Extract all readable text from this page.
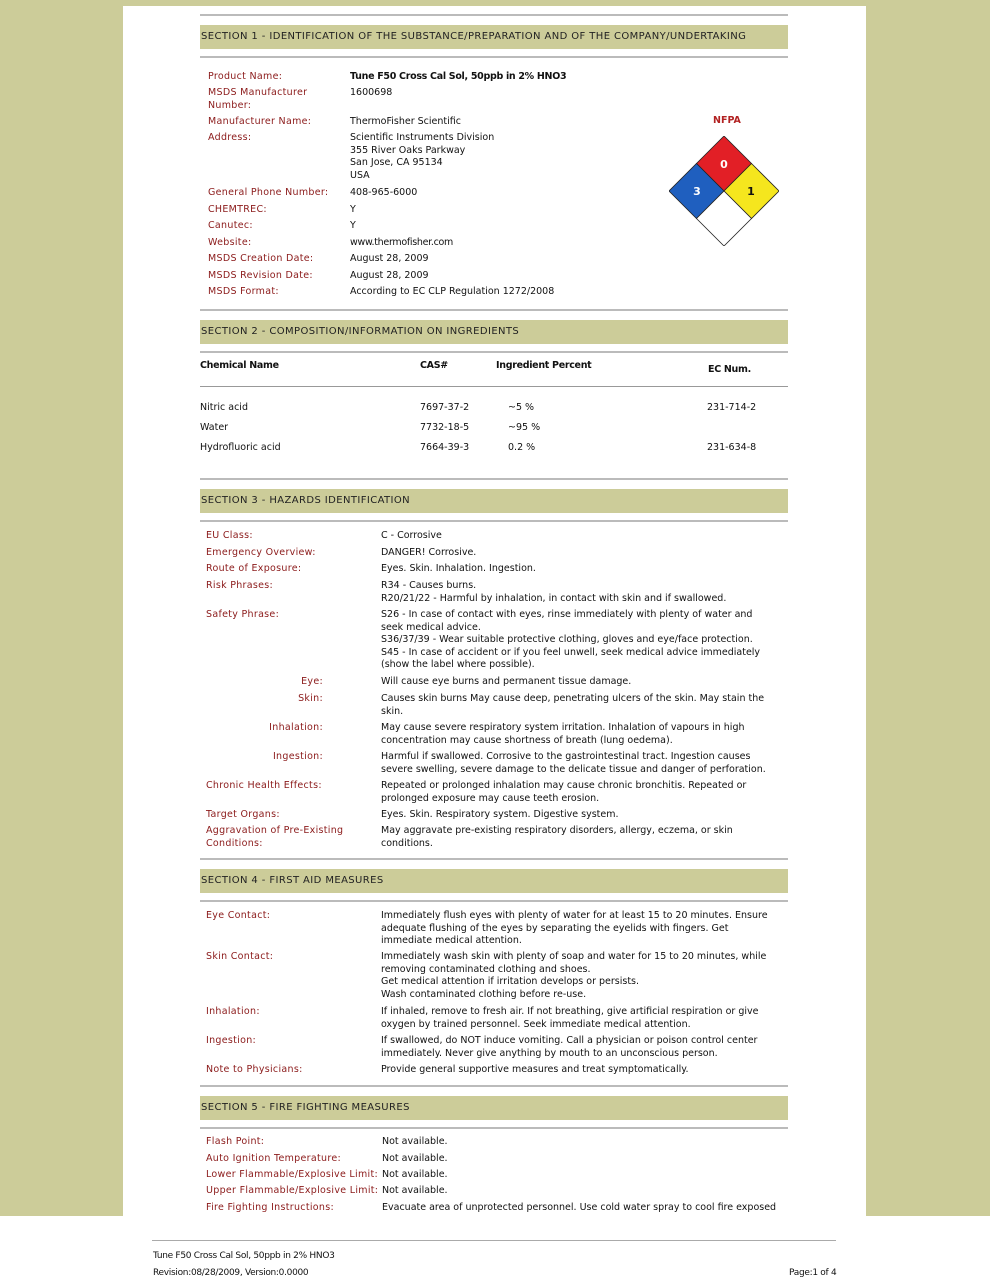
SECTION 1 - IDENTIFICATION OF THE SUBSTANCE/PREPARATION AND OF THE COMPANY/UNDERTAKING
Product Name:	Tune F50 Cross Cal Sol, 50ppb in 2% HNO3
MSDS Manufacturer Number:
1600698
Manufacturer Name:	ThermoFisher Scientific
Address:	Scientific Instruments Division
355 River Oaks Parkway
San Jose, CA 95134
USA
General Phone Number: 408-965-6000
CHEMTREC:	Y
Canutec:	Y
Website:	www.thermofisher.com
MSDS Creation Date:	August 28, 2009
MSDS Revision Date:	August 28, 2009
MSDS Format:	According to EC CLP Regulation 1272/2008
NFPA
0
3	1
SECTION 2 - COMPOSITION/INFORMATION ON INGREDIENTS
Chemical Name	CAS#	Ingredient Percent	EC Num.
Nitric acid	7697-37-2	~5 %	231-714-2
Water	7732-18-5	~95 %
Hydrofluoric acid	7664-39-3	0.2 %	231-634-8
SECTION 3 - HAZARDS IDENTIFICATION
EU Class:	C - Corrosive
Emergency Overview:	DANGER! Corrosive.
Route of Exposure:	Eyes. Skin. Inhalation. Ingestion.
Risk Phrases:	R34 - Causes burns.
R20/21/22 - Harmful by inhalation, in contact with skin and if swallowed.
Safety Phrase:	S26 - In case of contact with eyes, rinse immediately with plenty of water and
seek medical advice.
S36/37/39 - Wear suitable protective clothing, gloves and eye/face protection.
S45 - In case of accident or if you feel unwell, seek medical advice immediately
(show the label where possible).
Eye:	Will cause eye burns and permanent tissue damage.
Skin:	Causes skin burns May cause deep, penetrating ulcers of the skin. May stain the
skin.
Inhalation:	May cause severe respiratory system irritation. Inhalation of vapours in high
concentration may cause shortness of breath (lung oedema).
Ingestion:	Harmful if swallowed. Corrosive to the gastrointestinal tract. Ingestion causes
severe swelling, severe damage to the delicate tissue and danger of perforation.
Chronic Health Effects:	Repeated or prolonged inhalation may cause chronic bronchitis. Repeated or
prolonged exposure may cause teeth erosion.
Target Organs:	Eyes. Skin. Respiratory system. Digestive system.
Aggravation of Pre-Existing
Conditions:
May aggravate pre-existing respiratory disorders, allergy, eczema, or skin
conditions.
SECTION 4 - FIRST AID MEASURES
Eye Contact:	Immediately flush eyes with plenty of water for at least 15 to 20 minutes. Ensure
adequate flushing of the eyes by separating the eyelids with fingers. Get
immediate medical attention.
Skin Contact:	Immediately wash skin with plenty of soap and water for 15 to 20 minutes, while
removing contaminated clothing and shoes.
Get medical attention if irritation develops or persists.
Wash contaminated clothing before re-use.
Inhalation:	If inhaled, remove to fresh air. If not breathing, give artificial respiration or give
oxygen by trained personnel. Seek immediate medical attention.
Ingestion:	If swallowed, do NOT induce vomiting. Call a physician or poison control center
immediately. Never give anything by mouth to an unconscious person.
Note to Physicians:	Provide general supportive measures and treat symptomatically.
SECTION 5 - FIRE FIGHTING MEASURES
Flash Point:	Not available.
Auto Ignition Temperature:	Not available.
Lower Flammable/Explosive Limit: Not available.
Upper Flammable/Explosive Limit: Not available.
Fire Fighting Instructions:	Evacuate area of unprotected personnel. Use cold water spray to cool fire exposed
Tune F50 Cross Cal Sol, 50ppb in 2% HNO3
Revision:08/28/2009, Version:0.0000	Page:1 of 4
